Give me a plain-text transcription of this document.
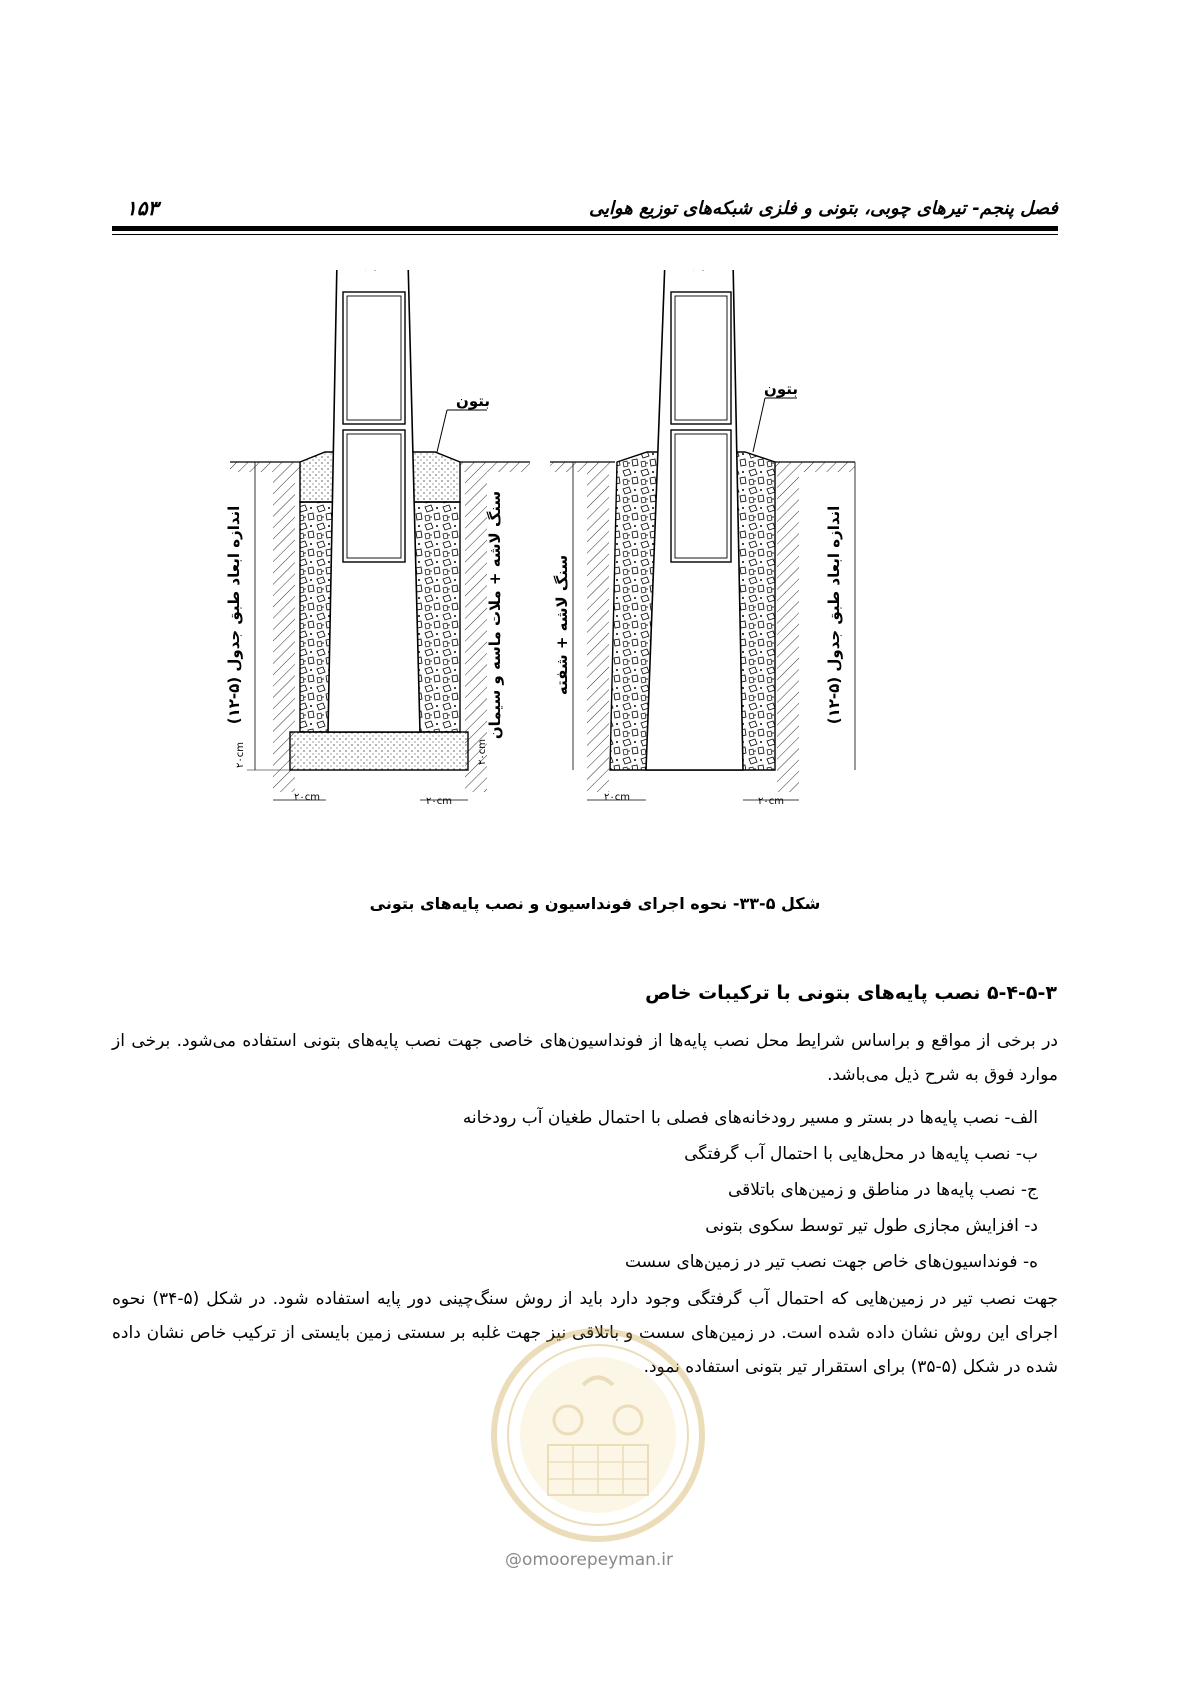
فصل پنجم- تیرهای چوبی، بتونی و فلزی شبکه‌های توزیع هوایی
۱۵۳
بتون
سنگ لاشه + ملات ماسه و سیمان
اندازه ابعاد طبق جدول (۵-۱۲)
۲۰cm	۲۰cm
۲۰cm	۲۰cm
بتون
سنگ لاشه + شفته
اندازه ابعاد طبق جدول (۵-۱۲)
۲۰cm	۲۰cm
شکل ۵-۳۳- نحوه اجرای فونداسیون و نصب پایه‌های بتونی
۵-۴-۵-۳ نصب پایه‌های بتونی با ترکیبات خاص
در برخی از مواقع و براساس شرایط محل نصب پایه‌ها از فونداسیون‌های خاصی جهت نصب پایه‌های بتونی استفاده می‌شود. برخی از موارد فوق به شرح ذیل می‌باشد.
الف- نصب پایه‌ها در بستر و مسیر رودخانه‌های فصلی با احتمال طغیان آب رودخانه
ب- نصب پایه‌ها در محل‌هایی با احتمال آب گرفتگی
ج- نصب پایه‌ها در مناطق و زمین‌های باتلاقی
د- افزایش مجازی طول تیر توسط سکوی بتونی
ه- فونداسیون‌های خاص جهت نصب تیر در زمین‌های سست
جهت نصب تیر در زمین‌هایی که احتمال آب گرفتگی وجود دارد باید از روش سنگ‌چینی دور پایه استفاده شود. در شکل (۵-۳۴) نحوه اجرای این روش نشان داده شده است. در زمین‌های سست و باتلاقی نیز جهت غلبه بر سستی زمین بایستی از ترکیب خاص نشان داده شده در شکل (۵-۳۵) برای استقرار تیر بتونی استفاده نمود.
@omoorepeyman.ir
